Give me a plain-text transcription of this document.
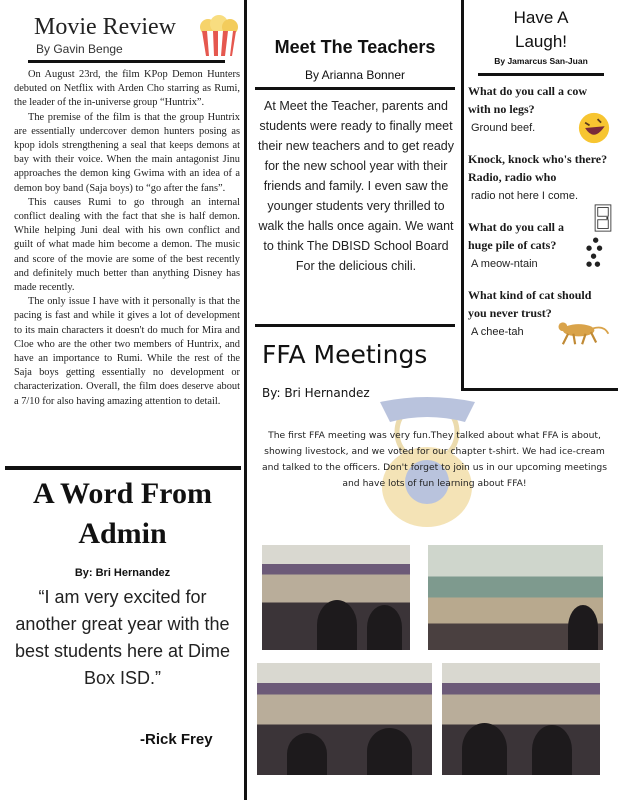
Movie Review
By Gavin Benge

On August 23rd, the film KPop Demon Hunters debuted on Netflix with Arden Cho starring as Rumi, the leader of the in-universe group “Huntrix”.

The premise of the film is that the group Huntrix are essentially undercover demon hunters posing as kpop idols strengthening a seal that keeps demons at bay with their voice. When the main antagonist Jinu approaches the demon king Gwima with an idea of a demon boy band (Saja boys) to “go after the fans”.

This causes Rumi to go through an internal conflict dealing with the fact that she is half demon. While helping Juni deal with his own conflict and guilt of what made him become a demon. The music and score of the movie are some of the best recently and definitely much better than anything Disney has made recently.

The only issue I have with it personally is that the pacing is fast and while it gives a lot of development to its main characters it doesn't do much for Mira and Cloe who are the other two members of Huntrix, and have an importance to Rumi. While the rest of the Saja boys getting essentially no development or characterization. Overall, the film does deserve about a 7/10 for also having amazing attention to detail.

A Word From Admin
By: Bri Hernandez
“I am very excited for another great year with the best students here at Dime Box ISD.”
-Rick Frey
Meet The Teachers
By Arianna Bonner
At Meet the Teacher, parents and students were ready to finally meet their new teachers and to get ready for the new school year with their friends and family. I even saw the younger students very thrilled to walk the halls once again. We want to think The DBISD School Board For the delicious chili.
FFA Meetings
By: Bri Hernandez
The first FFA meeting was very fun.They talked about what FFA is about, showing livestock, and we voted for our chapter t-shirt. We had ice-cream and talked to the officers. Don't forget to join us in our upcoming meetings and have lots of fun learning about FFA!
Have A Laugh!
By Jamarcus San-Juan
What do you call a cow with no legs?
Ground beef.
Knock, knock who's there? Radio, radio who
radio not here I come.
What do you call a huge pile of cats?
A meow-ntain
●
●  ●
●
● ●
What kind of cat should you never trust?
A chee-tah
